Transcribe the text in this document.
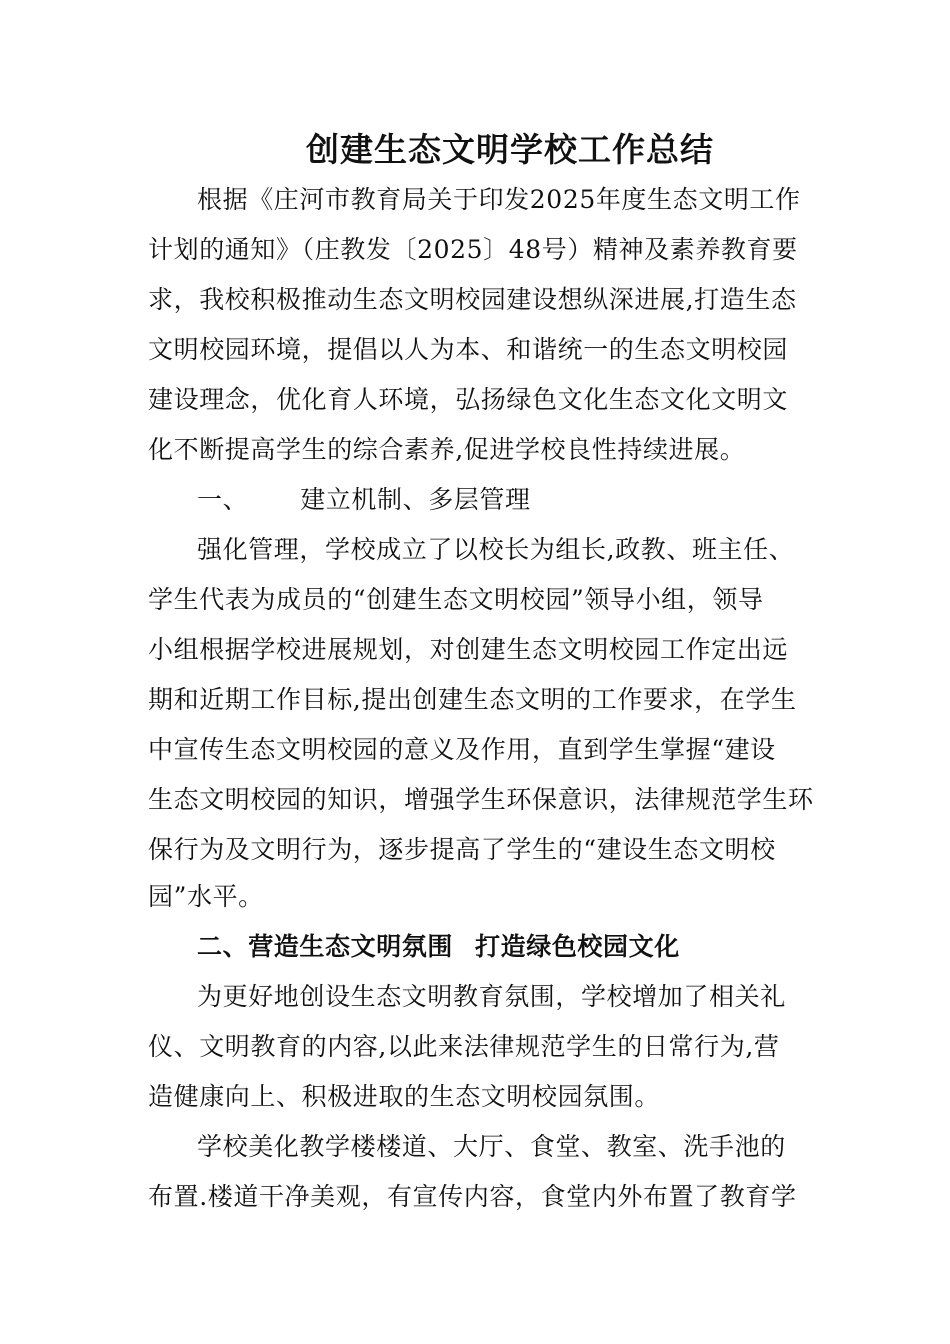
创建生态文明学校工作总结
根据《庄河市教育局关于印发2025年度生态文明工作
计划的通知》（庄教发〔2025〕48号）精神及素养教育要
求，我校积极推动生态文明校园建设想纵深进展,打造生态
文明校园环境，提倡以人为本、和谐统一的生态文明校园
建设理念，优化育人环境，弘扬绿色文化生态文化文明文
化不断提高学生的综合素养,促进学校良性持续进展。
一、 建立机制、多层管理
强化管理，学校成立了以校长为组长,政教、班主任、
学生代表为成员的“创建生态文明校园”领导小组，领导
小组根据学校进展规划，对创建生态文明校园工作定出远
期和近期工作目标,提出创建生态文明的工作要求，在学生
中宣传生态文明校园的意义及作用，直到学生掌握“建设
生态文明校园的知识，增强学生环保意识，法律规范学生环
保行为及文明行为，逐步提高了学生的“建设生态文明校
园”水平。
二、营造生态文明氛围 打造绿色校园文化
为更好地创设生态文明教育氛围，学校增加了相关礼
仪、文明教育的内容,以此来法律规范学生的日常行为,营
造健康向上、积极进取的生态文明校园氛围。
学校美化教学楼楼道、大厅、食堂、教室、洗手池的
布置.楼道干净美观，有宣传内容，食堂内外布置了教育学
